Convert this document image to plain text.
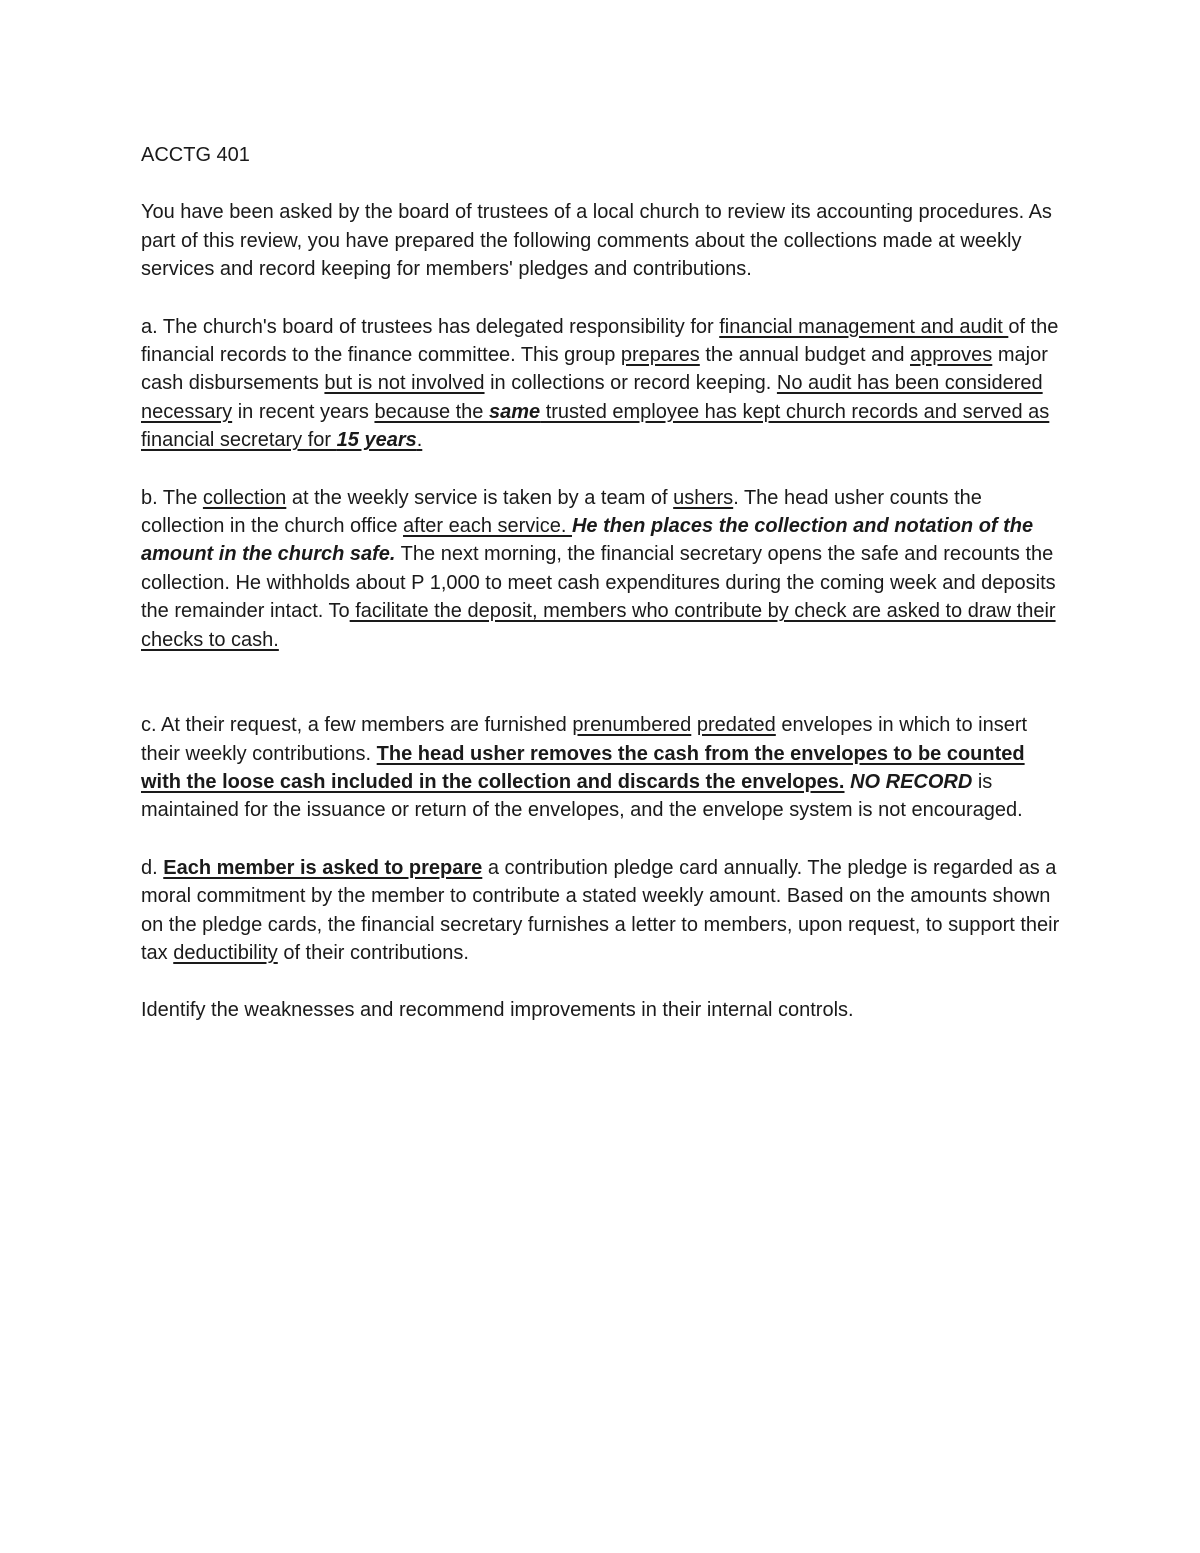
ACCTG 401

You have been asked by the board of trustees of a local church to review its accounting procedures. As part of this review, you have prepared the following comments about the collections made at weekly services and record keeping for members' pledges and contributions.

a. The church's board of trustees has delegated responsibility for financial management and audit of the financial records to the finance committee. This group prepares the annual budget and approves major cash disbursements but is not involved in collections or record keeping. No audit has been considered necessary in recent years because the same trusted employee has kept church records and served as financial secretary for 15 years.

b. The collection at the weekly service is taken by a team of ushers. The head usher counts the collection in the church office after each service. He then places the collection and notation of the amount in the church safe. The next morning, the financial secretary opens the safe and recounts the collection. He withholds about P 1,000 to meet cash expenditures during the coming week and deposits the remainder intact. To facilitate the deposit, members who contribute by check are asked to draw their checks to cash.

c. At their request, a few members are furnished prenumbered predated envelopes in which to insert their weekly contributions. The head usher removes the cash from the envelopes to be counted with the loose cash included in the collection and discards the envelopes. NO RECORD is maintained for the issuance or return of the envelopes, and the envelope system is not encouraged.

d. Each member is asked to prepare a contribution pledge card annually. The pledge is regarded as a moral commitment by the member to contribute a stated weekly amount. Based on the amounts shown on the pledge cards, the financial secretary furnishes a letter to members, upon request, to support their tax deductibility of their contributions.

Identify the weaknesses and recommend improvements in their internal controls.
